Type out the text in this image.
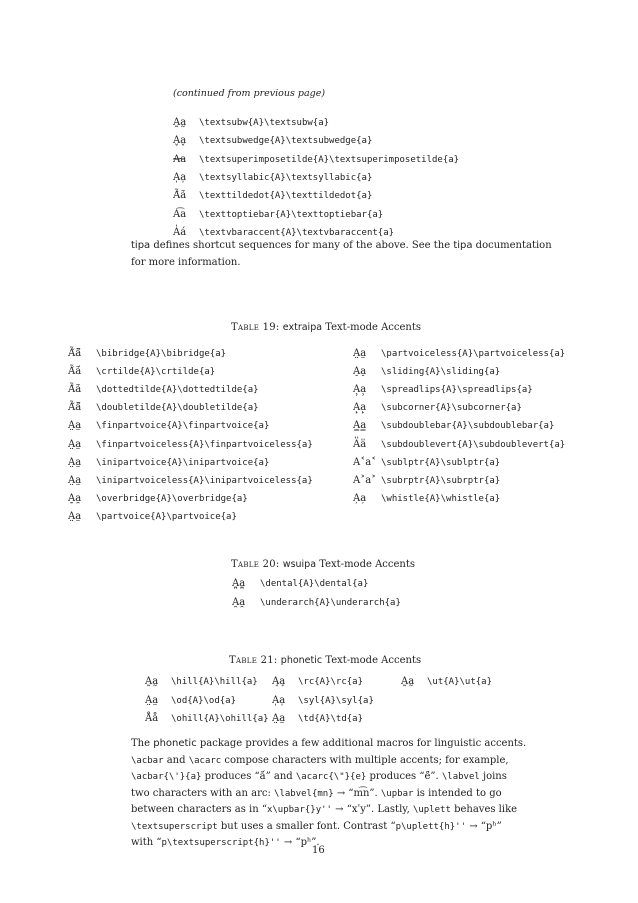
(continued from previous page)
A̰a̰ \textsubw{A}\textsubw{a}
A̬a̬ \textsubwedge{A}\textsubwedge{a}
A̴a̴ \textsuperimposetilde{A}\textsuperimposetilde{a}
A̩a̩ \textsyllabic{A}\textsyllabic{a}
Ã̇ã̇ \texttildedot{A}\texttildedot{a}
A͡a \texttoptiebar{A}\texttoptiebar{a}
A̍á \textvbaraccent{A}\textvbaraccent{a}
tipa defines shortcut sequences for many of the above. See the tipa documentation
for more information.
Table 19: extraipa Text-mode Accents
Ã̃ã̃ \bibridge{A}\bibridge{a}
Ã́ã́ \crtilde{A}\crtilde{a}
Ã̇ã̇ \dottedtilde{A}\dottedtilde{a}
Ã̃ã̃ \doubletilde{A}\doubletilde{a}
A̤a̤ \finpartvoice{A}\finpartvoice{a}
A̤a̤ \finpartvoiceless{A}\finpartvoiceless{a}
A̤a̤ \inipartvoice{A}\inipartvoice{a}
A̤a̤ \inipartvoiceless{A}\inipartvoiceless{a}
A̼a̼ \overbridge{A}\overbridge{a}
A̤a̤ \partvoice{A}\partvoice{a}
A̤a̤ \partvoiceless{A}\partvoiceless{a}
A̠a̠ \sliding{A}\sliding{a}
A̹a̹ \spreadlips{A}\spreadlips{a}
A̙a̙ \subcorner{A}\subcorner{a}
A̳a̳ \subdoublebar{A}\subdoublebar{a}
A̎a̎ \subdoublevert{A}\subdoublevert{a}
A˂a˂ \sublptr{A}\sublptr{a}
A˃a˃ \subrptr{A}\subrptr{a}
A̦a̦ \whistle{A}\whistle{a}
Table 20: wsuipa Text-mode Accents
A̪a̪ \dental{A}\dental{a}
A̯a̯ \underarch{A}\underarch{a}
Table 21: phonetic Text-mode Accents
A̰a̰ \hill{A}\hill{a}
A̤a̤ \od{A}\od{a}
Åå \ohill{A}\ohill{a}
A̧a̧ \rc{A}\rc{a}
A̩a̩ \syl{A}\syl{a}
A̤a̤ \td{A}\td{a}
A̰a̰ \ut{A}\ut{a}
The phonetic package provides a few additional macros for linguistic accents.
\acbar and \acarc compose characters with multiple accents; for example,
\acbar{\'}{a} produces “ā́” and \acarc{\"}{e} produces “ë̑”. \labvel joins
two characters with an arc: \labvel{mn} → “m͡n”. \upbar is intended to go
between characters as in “x\upbar{}y'' → “xˈy”. Lastly, \uplett behaves like
\textsuperscript but uses a smaller font. Contrast “p\uplett{h}'' → “pʰ”
with “p\textsuperscript{h}'' → “pʰ”.
16
